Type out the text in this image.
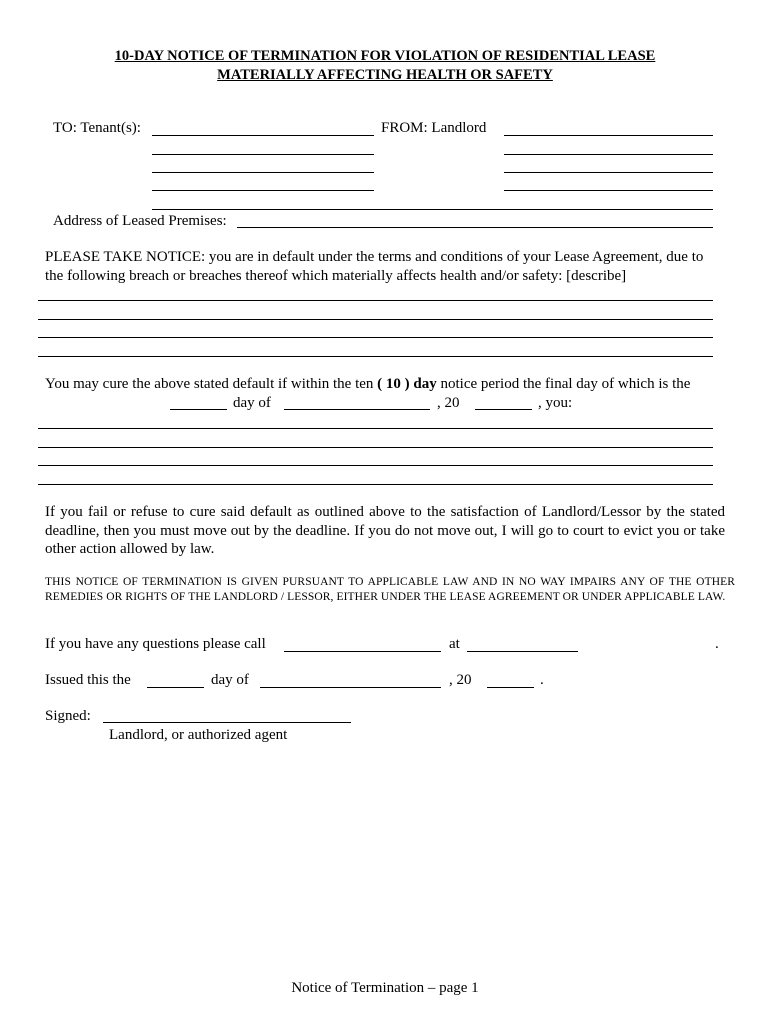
10-DAY NOTICE OF TERMINATION FOR VIOLATION OF RESIDENTIAL LEASE
MATERIALLY AFFECTING HEALTH OR SAFETY
TO: Tenant(s):	FROM: Landlord
Address of Leased Premises:
PLEASE TAKE NOTICE: you are in default under the terms and conditions of your Lease Agreement, due to the following breach or breaches thereof which materially affects health and/or safety: [describe]
You may cure the above stated default if within the ten ( 10 ) day notice period the final day of which is the
day of	, 20	, you:
If you fail or refuse to cure said default as outlined above to the satisfaction of Landlord/Lessor by the stated deadline, then you must move out by the deadline. If you do not move out, I will go to court to evict you or take other action allowed by law.
THIS NOTICE OF TERMINATION IS GIVEN PURSUANT TO APPLICABLE LAW AND IN NO WAY IMPAIRS ANY OF THE OTHER REMEDIES OR RIGHTS OF THE LANDLORD / LESSOR, EITHER UNDER THE LEASE AGREEMENT OR UNDER APPLICABLE LAW.
If you have any questions please call	at	.
Issued this the	day of	, 20	.
Signed:
Landlord, or authorized agent
Notice of Termination – page 1
